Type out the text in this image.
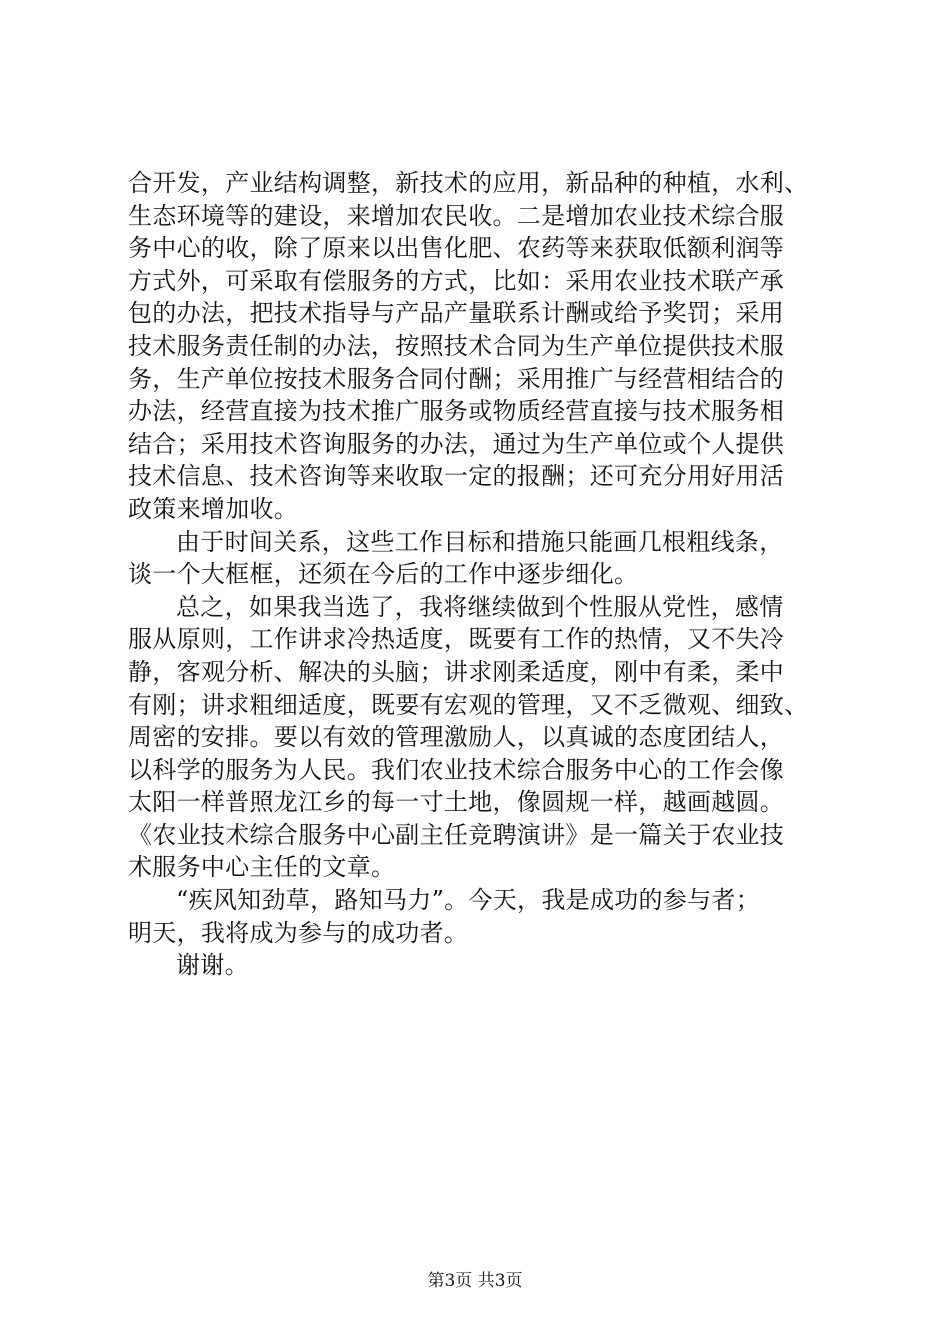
合开发，产业结构调整，新技术的应用，新品种的种植，水利、
生态环境等的建设，来增加农民收。二是增加农业技术综合服
务中心的收，除了原来以出售化肥、农药等来获取低额利润等
方式外，可采取有偿服务的方式，比如：采用农业技术联产承
包的办法，把技术指导与产品产量联系计酬或给予奖罚；采用
技术服务责任制的办法，按照技术合同为生产单位提供技术服
务，生产单位按技术服务合同付酬；采用推广与经营相结合的
办法，经营直接为技术推广服务或物质经营直接与技术服务相
结合；采用技术咨询服务的办法，通过为生产单位或个人提供
技术信息、技术咨询等来收取一定的报酬；还可充分用好用活
政策来增加收。
由于时间关系，这些工作目标和措施只能画几根粗线条，
谈一个大框框，还须在今后的工作中逐步细化。
总之，如果我当选了，我将继续做到个性服从党性，感情
服从原则，工作讲求冷热适度，既要有工作的热情，又不失冷
静，客观分析、解决的头脑；讲求刚柔适度，刚中有柔，柔中
有刚；讲求粗细适度，既要有宏观的管理，又不乏微观、细致、
周密的安排。要以有效的管理激励人，以真诚的态度团结人，
以科学的服务为人民。我们农业技术综合服务中心的工作会像
太阳一样普照龙江乡的每一寸土地，像圆规一样，越画越圆。
《农业技术综合服务中心副主任竞聘演讲》是一篇关于农业技
术服务中心主任的文章。
“疾风知劲草，路知马力”。今天，我是成功的参与者；
明天，我将成为参与的成功者。
谢谢。
第3页 共3页
